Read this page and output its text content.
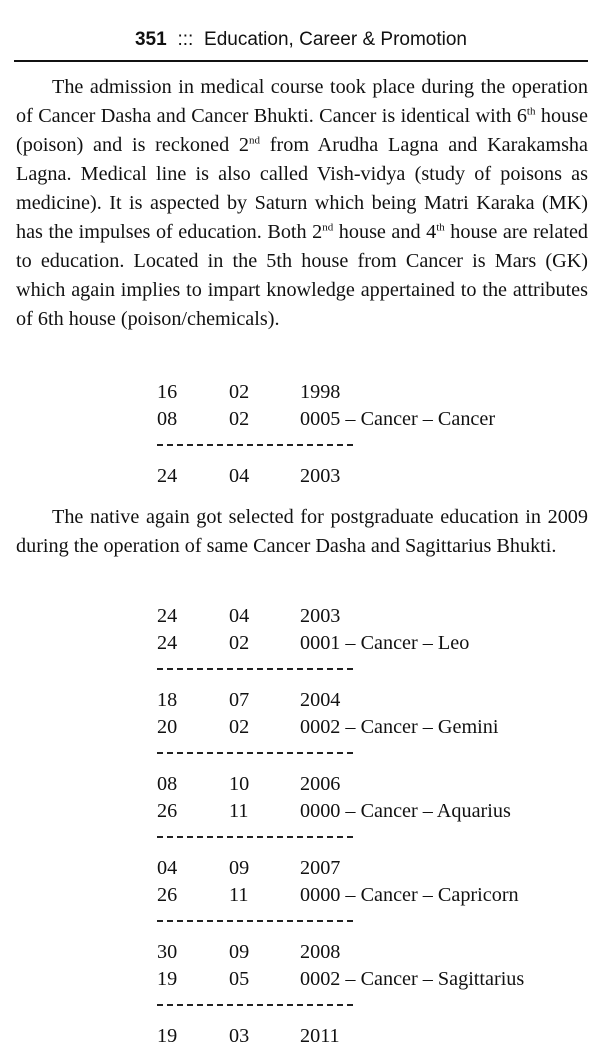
351 ::: Education, Career & Promotion

The admission in medical course took place during the operation of Cancer Dasha and Cancer Bhukti. Cancer is identical with 6th house (poison) and is reckoned 2nd from Arudha Lagna and Karakamsha Lagna. Medical line is also called Vish-vidya (study of poisons as medicine). It is aspected by Saturn which being Matri Karaka (MK) has the impulses of education. Both 2nd house and 4th house are related to education. Located in the 5th house from Cancer is Mars (GK) which again implies to impart knowledge appertained to the attributes of 6th house (poison/chemicals).

16	02	1998
08	02	0005 – Cancer – Cancer
24	04	2003

The native again got selected for postgraduate education in 2009 during the operation of same Cancer Dasha and Sagittarius Bhukti.

24	04	2003
24	02	0001 – Cancer – Leo
18	07	2004
20	02	0002 – Cancer – Gemini
08	10	2006
26	11	0000 – Cancer – Aquarius
04	09	2007
26	11	0000 – Cancer – Capricorn
30	09	2008
19	05	0002 – Cancer – Sagittarius
19	03	2011
